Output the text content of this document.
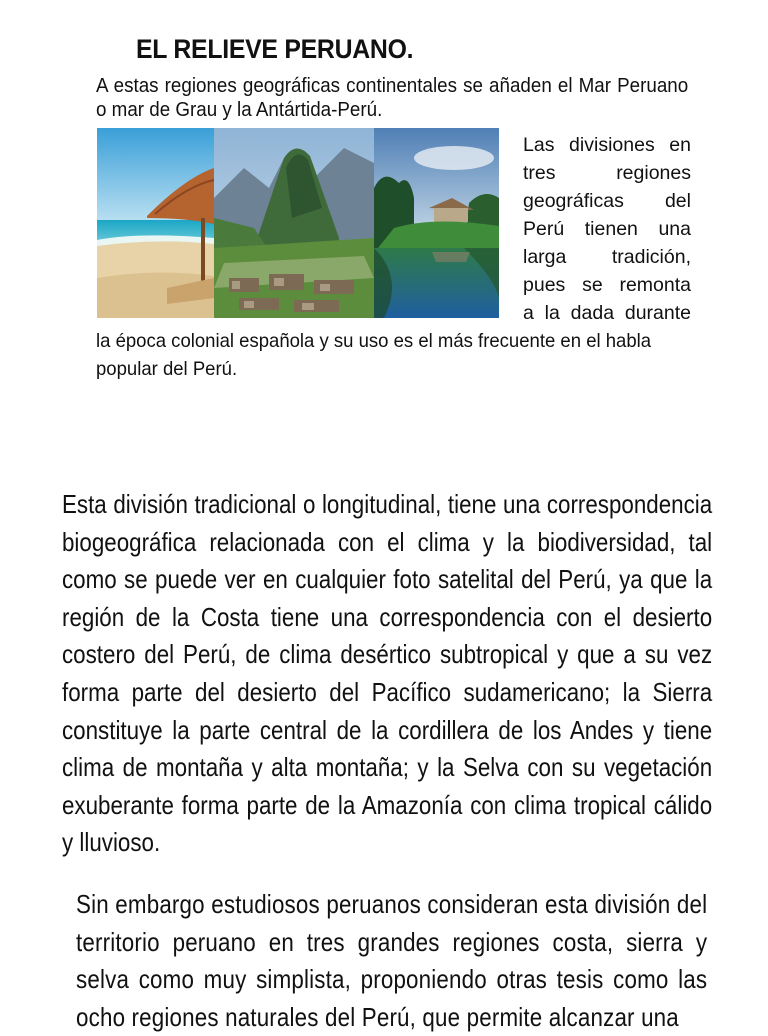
EL RELIEVE PERUANO.
A estas regiones geográficas continentales se añaden el Mar Peruano o mar de Grau y la Antártida-Perú.
Las divisiones en
tres regiones
geográficas del
Perú tienen una
larga tradición,
pues se remonta
a la dada durante
la época colonial española y su uso es el más frecuente en el habla popular del Perú.
Esta división tradicional o longitudinal, tiene una correspondencia biogeográfica relacionada con el clima y la biodiversidad, tal como se puede ver en cualquier foto satelital del Perú, ya que la región de la Costa tiene una correspondencia con el desierto costero del Perú, de clima desértico subtropical y que a su vez forma parte del desierto del Pacífico sudamericano; la Sierra constituye la parte central de la cordillera de los Andes y tiene clima de montaña y alta montaña; y la Selva con su vegetación exuberante forma parte de la Amazonía con clima tropical cálido y lluvioso.
Sin embargo estudiosos peruanos consideran esta división del territorio peruano en tres grandes regiones costa, sierra y selva como muy simplista, proponiendo otras tesis como las ocho regiones naturales del Perú, que permite alcanzar una
